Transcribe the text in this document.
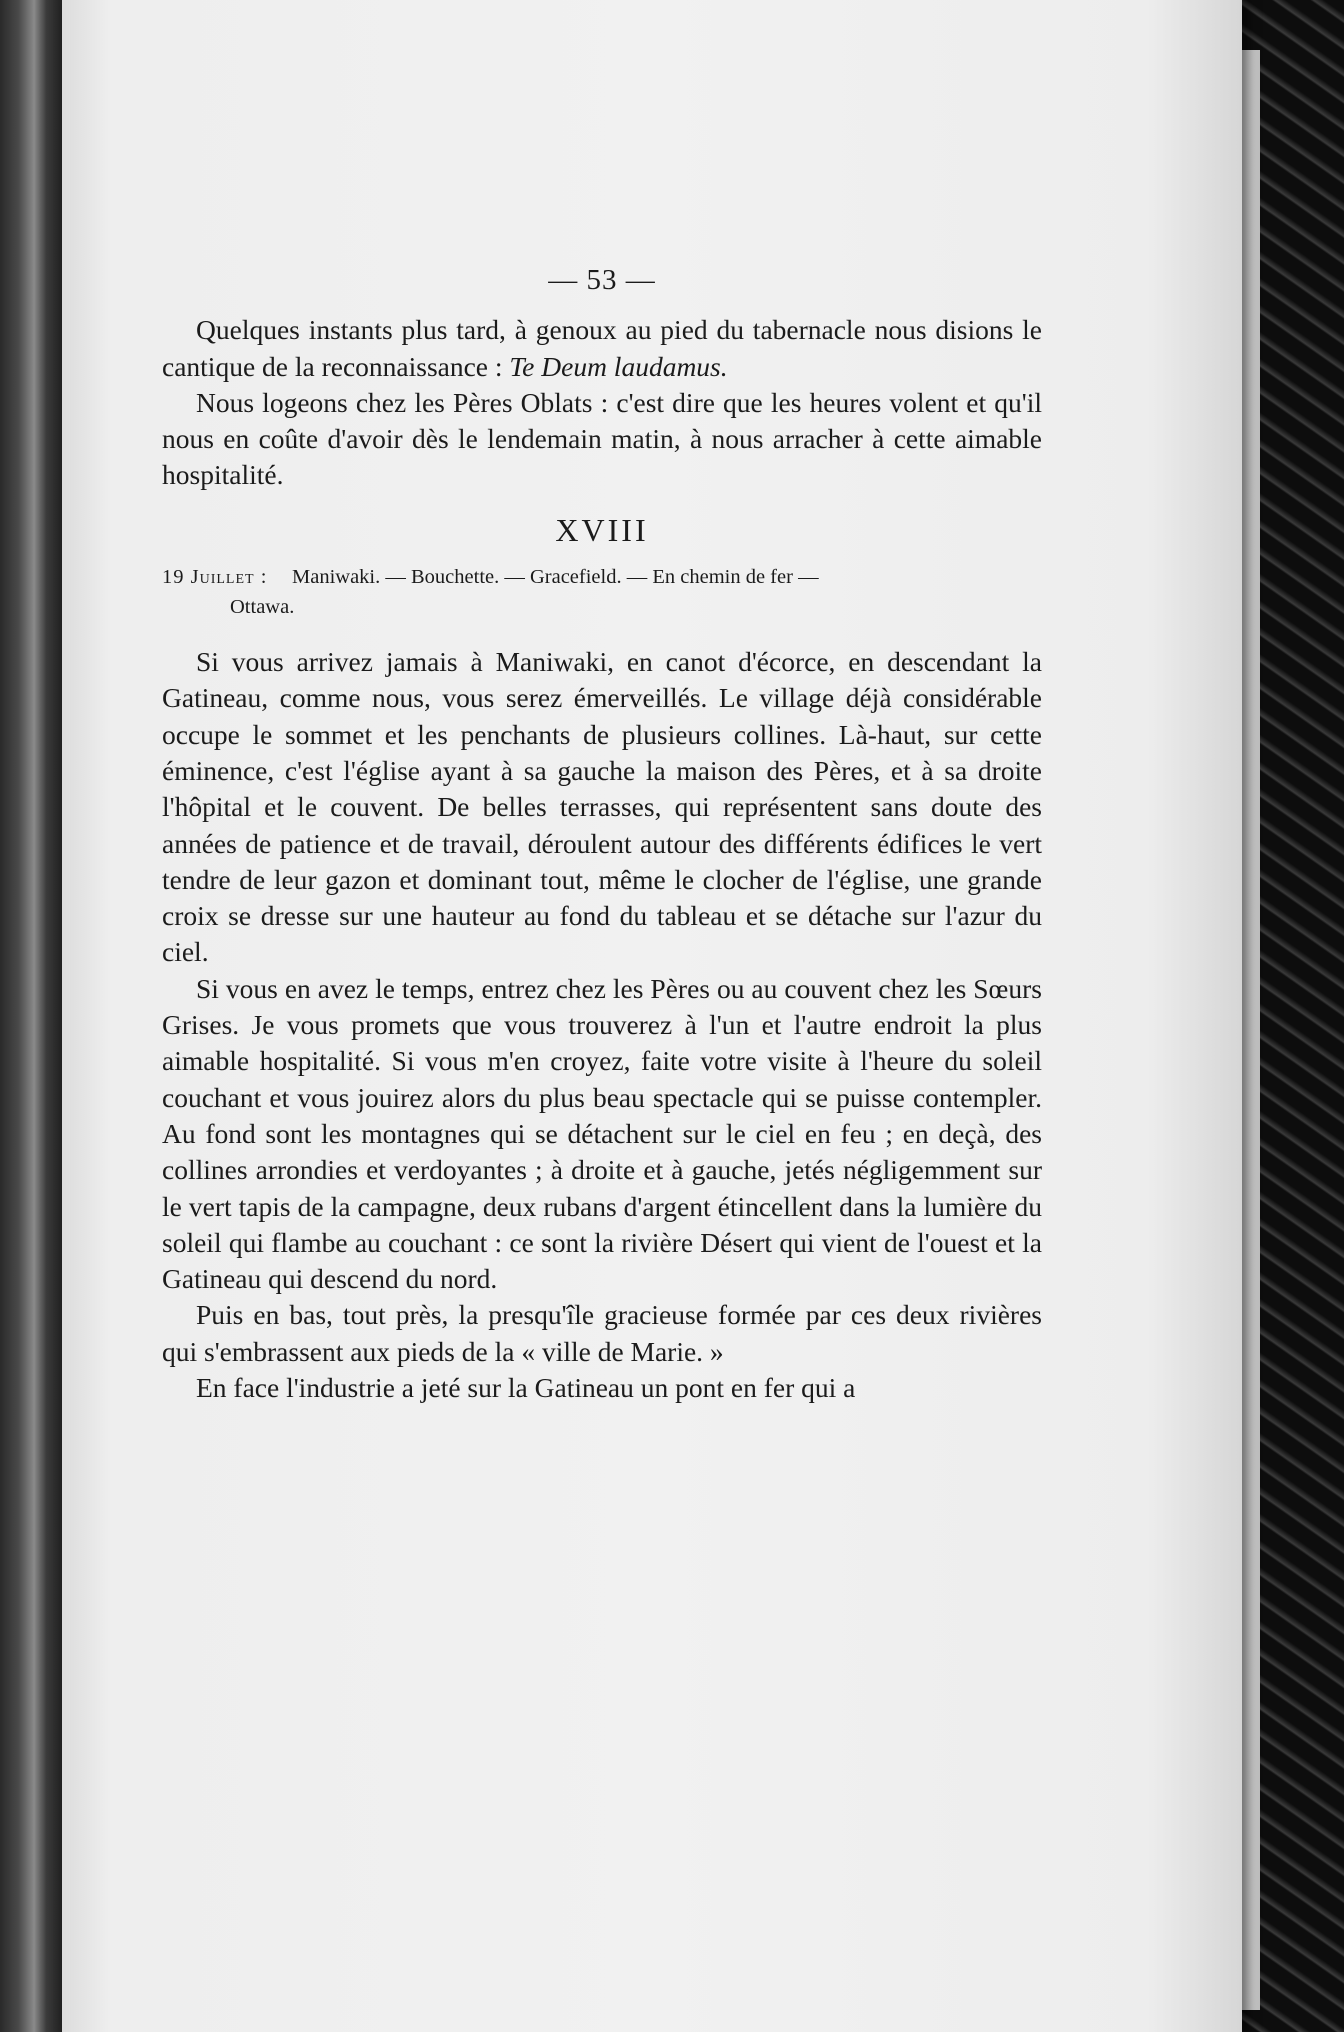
— 53 —

Quelques instants plus tard, à genoux au pied du tabernacle nous disions le cantique de la reconnaissance : Te Deum laudamus.

Nous logeons chez les Pères Oblats : c'est dire que les heures volent et qu'il nous en coûte d'avoir dès le lendemain matin, à nous arracher à cette aimable hospitalité.

XVIII
19 Juillet : Maniwaki. — Bouchette. — Gracefield. — En chemin de fer —
Ottawa.

Si vous arrivez jamais à Maniwaki, en canot d'écorce, en descendant la Gatineau, comme nous, vous serez émerveillés. Le village déjà considérable occupe le sommet et les penchants de plusieurs collines. Là-haut, sur cette éminence, c'est l'église ayant à sa gauche la maison des Pères, et à sa droite l'hôpital et le couvent. De belles terrasses, qui représentent sans doute des années de patience et de travail, déroulent autour des différents édifices le vert tendre de leur gazon et dominant tout, même le clocher de l'église, une grande croix se dresse sur une hauteur au fond du tableau et se détache sur l'azur du ciel.

Si vous en avez le temps, entrez chez les Pères ou au couvent chez les Sœurs Grises. Je vous promets que vous trouverez à l'un et l'autre endroit la plus aimable hospitalité. Si vous m'en croyez, faite votre visite à l'heure du soleil couchant et vous jouirez alors du plus beau spectacle qui se puisse contempler. Au fond sont les montagnes qui se détachent sur le ciel en feu ; en deçà, des collines arrondies et verdoyantes ; à droite et à gauche, jetés négligemment sur le vert tapis de la campagne, deux rubans d'argent étincellent dans la lumière du soleil qui flambe au couchant : ce sont la rivière Désert qui vient de l'ouest et la Gatineau qui descend du nord.

Puis en bas, tout près, la presqu'île gracieuse formée par ces deux rivières qui s'embrassent aux pieds de la « ville de Marie. »

En face l'industrie a jeté sur la Gatineau un pont en fer qui a
